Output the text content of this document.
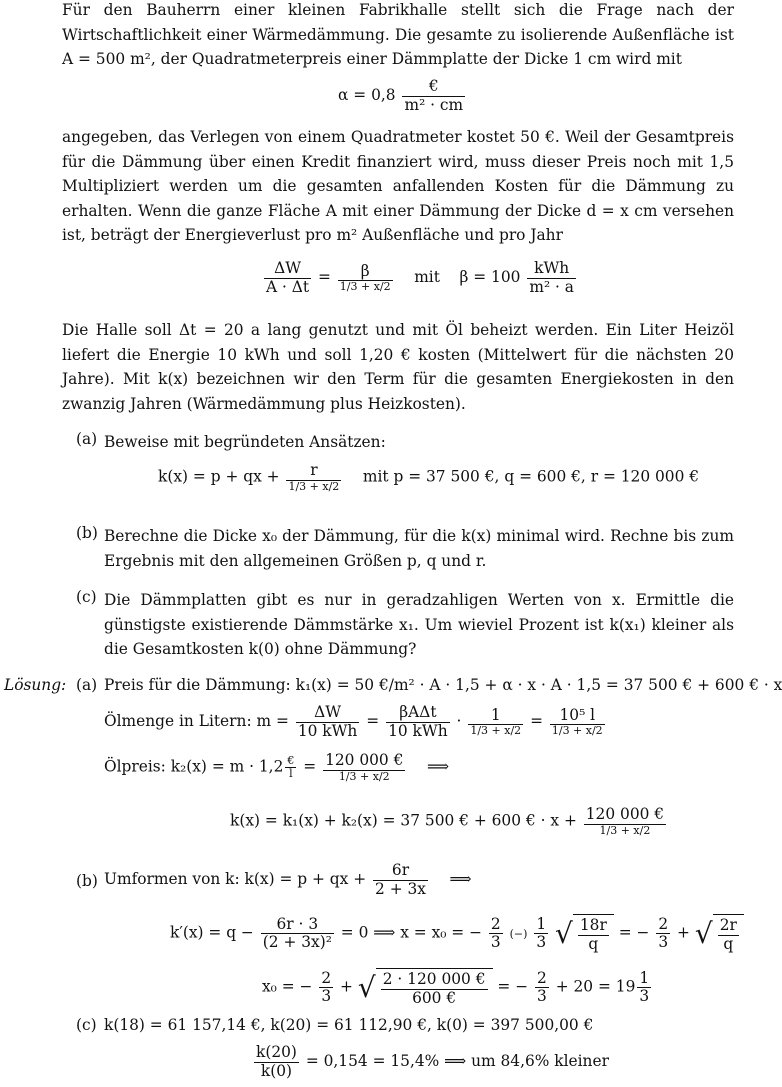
Für den Bauherrn einer kleinen Fabrikhalle stellt sich die Frage nach der Wirtschaftlichkeit einer Wärmedämmung. Die gesamte zu isolierende Außenfläche ist A = 500 m², der Quadratmeterpreis einer Dämmplatte der Dicke 1 cm wird mit

$\alpha = 0,8 \frac{€}{\text{m² · cm}}$

angegeben, das Verlegen von einem Quadratmeter kostet 50 €. Weil der Gesamtpreis für die Dämmung über einen Kredit finanziert wird, muss dieser Preis noch mit 1,5 Multipliziert werden um die gesamten anfallenden Kosten für die Dämmung zu erhalten. Wenn die ganze Fläche A mit einer Dämmung der Dicke d = x cm versehen ist, beträgt der Energieverlust pro m² Außenfläche und pro Jahr

$\frac{\Delta W}{A \cdot \Delta t} = \frac{\beta}{1/3 + x/2}$ mit $\beta = 100 \frac{\text{kWh}}{\text{m² · a}}$

Die Halle soll Δt = 20 a lang genutzt und mit Öl beheizt werden. Ein Liter Heizöl liefert die Energie 10 kWh und soll 1,20 € kosten (Mittelwert für die nächsten 20 Jahre). Mit k(x) bezeichnen wir den Term für die gesamten Energiekosten in den zwanzig Jahren (Wärmedämmung plus Heizkosten).

(a) Beweise mit begründeten Ansätzen:

k(x) = p + qx + $\frac{r}{1/3 + x/2}$ mit p = 37 500 €, q = 600 €, r = 120 000 €
(b) Berechne die Dicke x₀ der Dämmung, für die k(x) minimal wird. Rechne bis zum Ergebnis mit den allgemeinen Größen p, q und r.

(c) Die Dämmplatten gibt es nur in geradzahligen Werten von x. Ermittle die günstigste existierende Dämmstärke x₁. Um wieviel Prozent ist k(x₁) kleiner als die Gesamtkosten k(0) ohne Dämmung?

Lösung: (a) Preis für die Dämmung: k₁(x) = 50 €/m² · A · 1,5 + α · x · A · 1,5 = 37 500 € + 600 € · x
Ölmenge in Litern: $m = \frac{\Delta W}{\text{10 kWh}} = \frac{\text{βAΔt}}{\text{10 kWh}} \cdot \frac{1}{1/3 + x/2} = \frac{\text{10⁵ l}}{1/3 + x/2}$
Ölpreis: $k_2(x) = m \cdot 1,2 \frac{€}{l} = \frac{120 000 €}{1/3 + x/2}$ ⟹
k(x) = k₁(x) + k₂(x) = 37 500 € + 600 € · $x + \frac{120 000 €}{1/3 + x/2}$
(b) Umformen von k: k(x) = p + qx + $\frac{6r}{2 + 3x}$ ⟹
$k'(x) = q - \frac{6r \cdot 3}{\text{(2 + 3x)²}} = 0$ ⟹ x = x₀ = − $\frac{2}{3}$ (−) $\frac{1}{3}$ √ $\frac{18r}{q}$ = − $\frac{2}{3}$ + √ $\frac{2r}{q}$
x₀ = − $\frac{2}{3}$ + √ $\frac{2 \cdot 120 000 €}{600 €}$ = − $\frac{2}{3} + 20 = 19 \frac{1}{3}$
(c) k(18) = 61 157,14 €, k(20) = 61 112,90 €, k(0) = 397 500,00 €
$\frac{k(20)}{k(0)} = 0,154 = 15,4\%$ ⟹ um 84,6% kleiner
